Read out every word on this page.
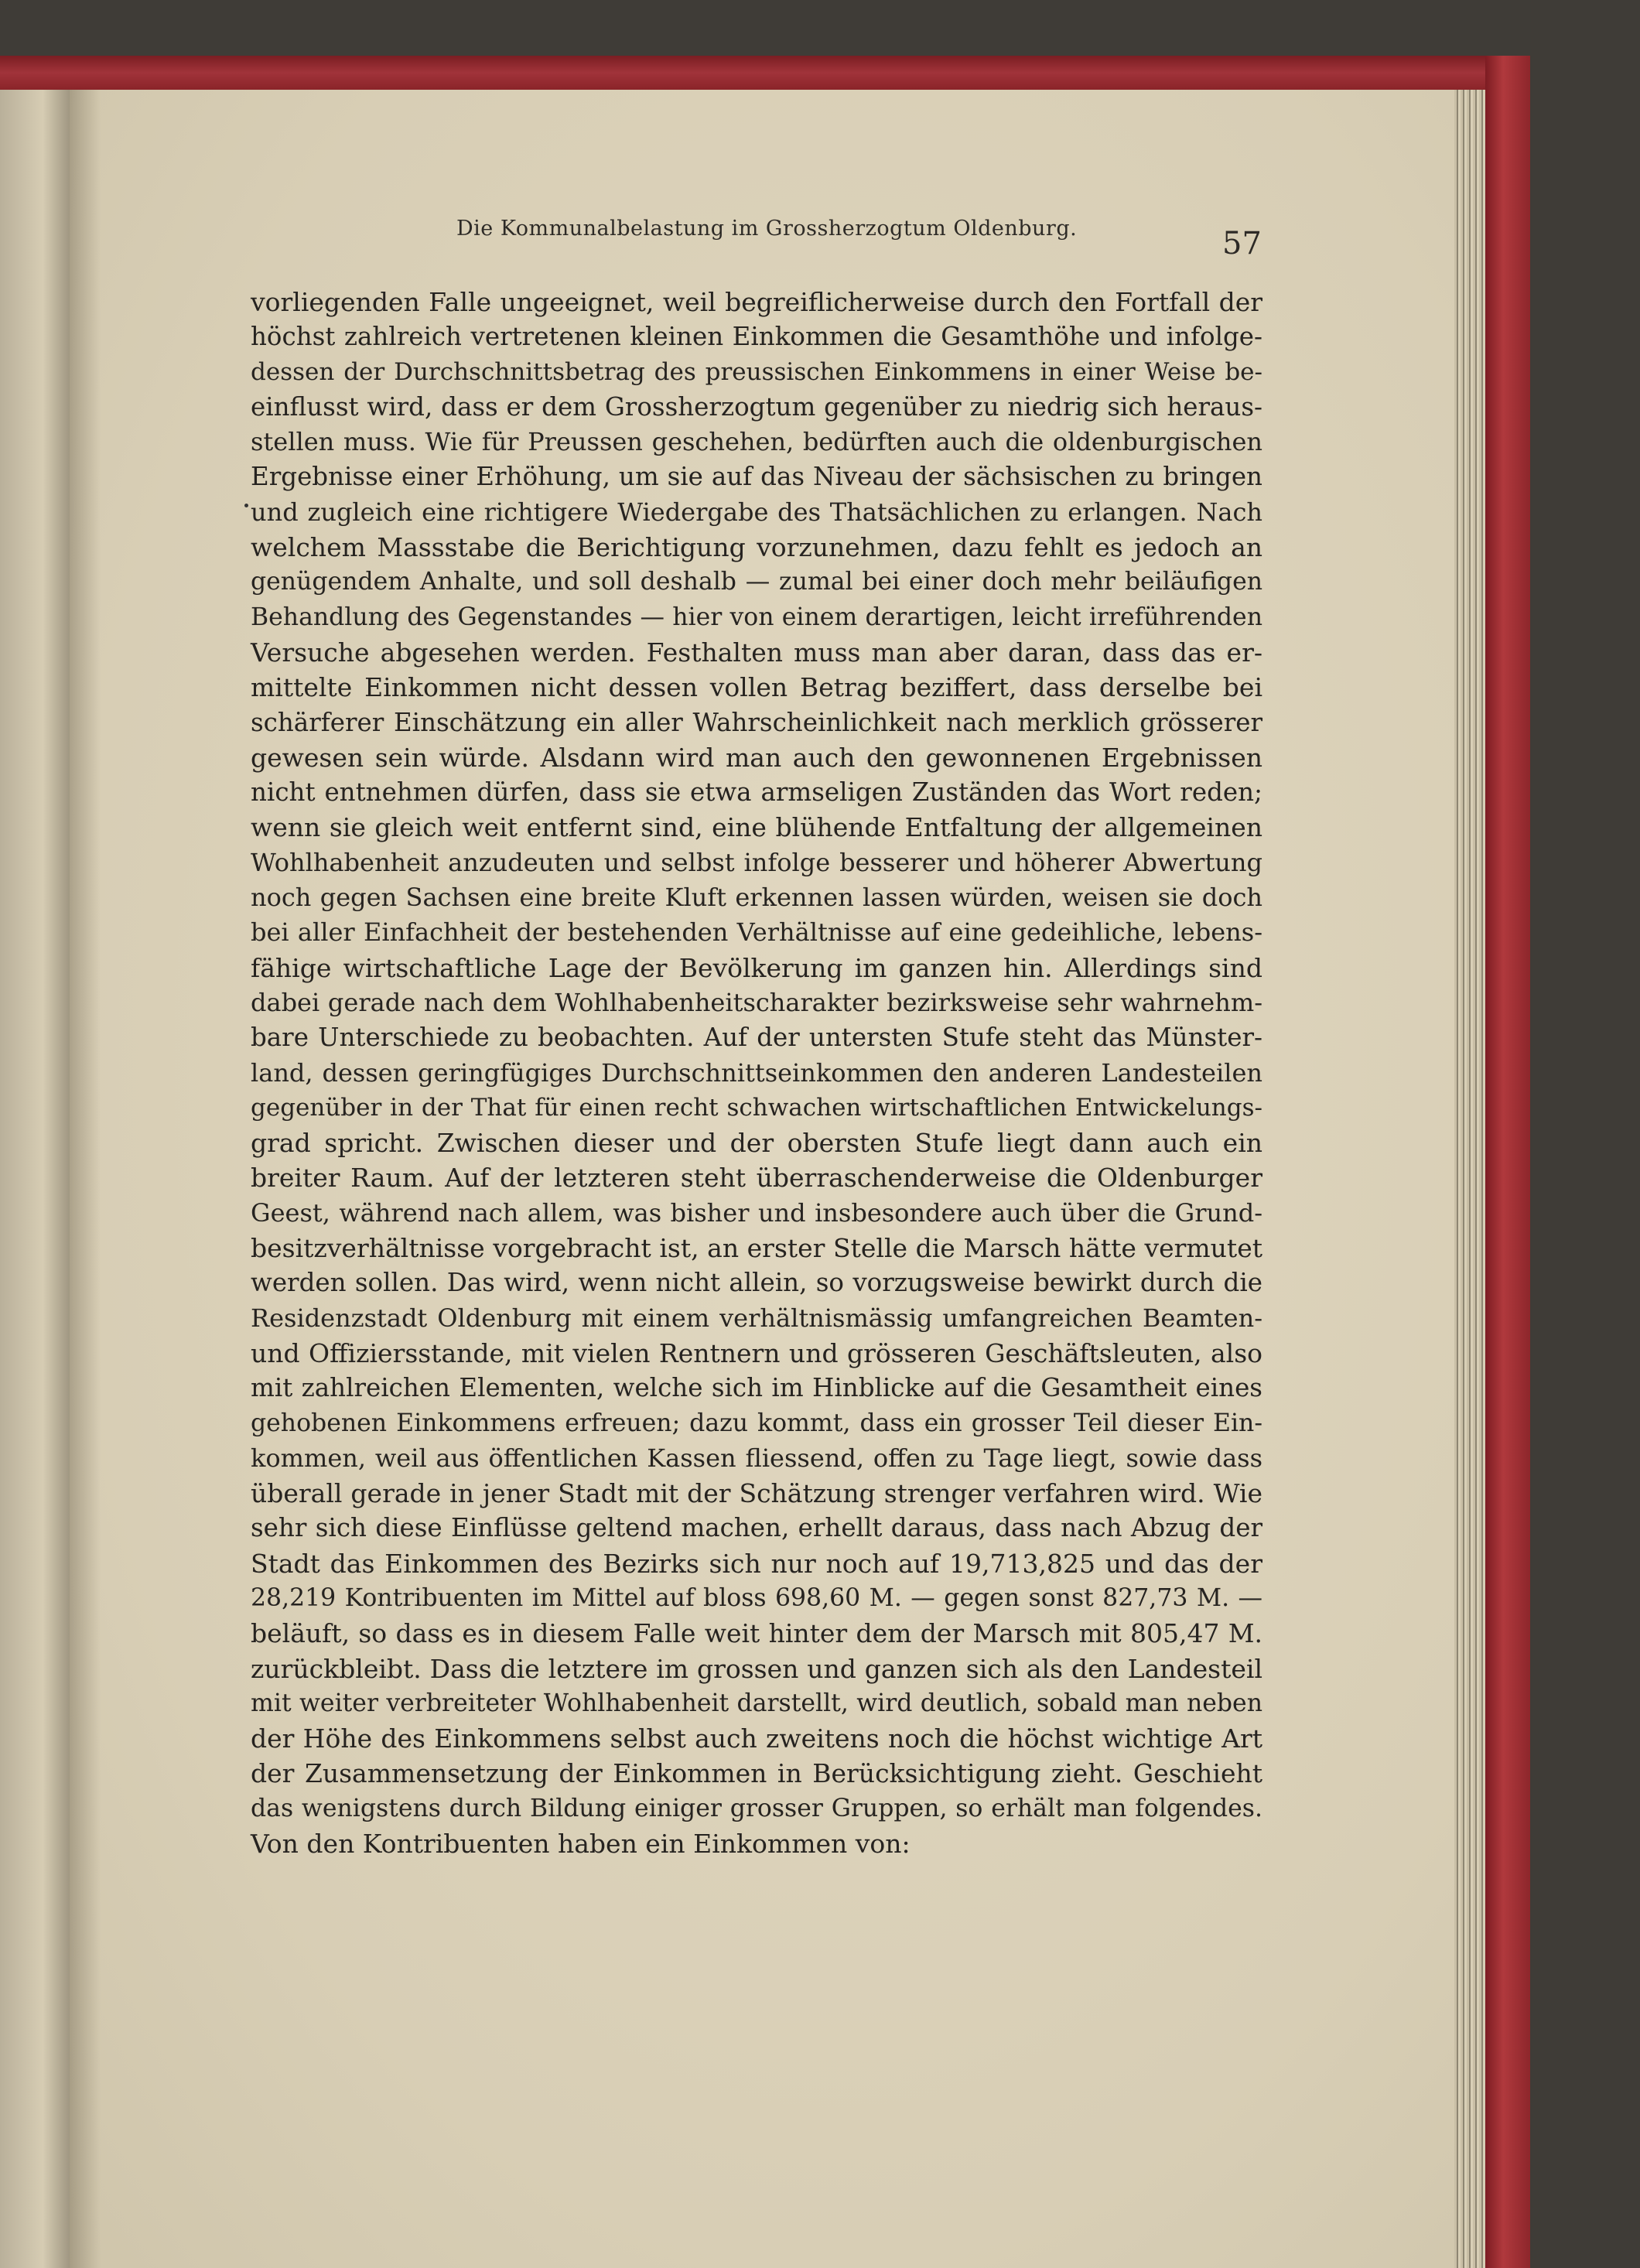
Die Kommunalbelastung im Grossherzogtum Oldenburg.	57
vorliegenden Falle ungeeignet, weil begreiflicherweise durch den Fortfall der
höchst zahlreich vertretenen kleinen Einkommen die Gesamthöhe und infolge-
dessen der Durchschnittsbetrag des preussischen Einkommens in einer Weise be-
einflusst wird, dass er dem Grossherzogtum gegenüber zu niedrig sich heraus-
stellen muss. Wie für Preussen geschehen, bedürften auch die oldenburgischen
Ergebnisse einer Erhöhung, um sie auf das Niveau der sächsischen zu bringen
und zugleich eine richtigere Wiedergabe des Thatsächlichen zu erlangen. Nach
welchem Massstabe die Berichtigung vorzunehmen, dazu fehlt es jedoch an
genügendem Anhalte, und soll deshalb — zumal bei einer doch mehr beiläufigen
Behandlung des Gegenstandes — hier von einem derartigen, leicht irreführenden
Versuche abgesehen werden. Festhalten muss man aber daran, dass das er-
mittelte Einkommen nicht dessen vollen Betrag beziffert, dass derselbe bei
schärferer Einschätzung ein aller Wahrscheinlichkeit nach merklich grösserer
gewesen sein würde. Alsdann wird man auch den gewonnenen Ergebnissen
nicht entnehmen dürfen, dass sie etwa armseligen Zuständen das Wort reden;
wenn sie gleich weit entfernt sind, eine blühende Entfaltung der allgemeinen
Wohlhabenheit anzudeuten und selbst infolge besserer und höherer Abwertung
noch gegen Sachsen eine breite Kluft erkennen lassen würden, weisen sie doch
bei aller Einfachheit der bestehenden Verhältnisse auf eine gedeihliche, lebens-
fähige wirtschaftliche Lage der Bevölkerung im ganzen hin. Allerdings sind
dabei gerade nach dem Wohlhabenheitscharakter bezirksweise sehr wahrnehm-
bare Unterschiede zu beobachten. Auf der untersten Stufe steht das Münster-
land, dessen geringfügiges Durchschnittseinkommen den anderen Landesteilen
gegenüber in der That für einen recht schwachen wirtschaftlichen Entwickelungs-
grad spricht. Zwischen dieser und der obersten Stufe liegt dann auch ein
breiter Raum. Auf der letzteren steht überraschenderweise die Oldenburger
Geest, während nach allem, was bisher und insbesondere auch über die Grund-
besitzverhältnisse vorgebracht ist, an erster Stelle die Marsch hätte vermutet
werden sollen. Das wird, wenn nicht allein, so vorzugsweise bewirkt durch die
Residenzstadt Oldenburg mit einem verhältnismässig umfangreichen Beamten-
und Offiziersstande, mit vielen Rentnern und grösseren Geschäftsleuten, also
mit zahlreichen Elementen, welche sich im Hinblicke auf die Gesamtheit eines
gehobenen Einkommens erfreuen; dazu kommt, dass ein grosser Teil dieser Ein-
kommen, weil aus öffentlichen Kassen fliessend, offen zu Tage liegt, sowie dass
überall gerade in jener Stadt mit der Schätzung strenger verfahren wird. Wie
sehr sich diese Einflüsse geltend machen, erhellt daraus, dass nach Abzug der
Stadt das Einkommen des Bezirks sich nur noch auf 19,713,825 und das der
28,219 Kontribuenten im Mittel auf bloss 698,60 M. — gegen sonst 827,73 M. —
beläuft, so dass es in diesem Falle weit hinter dem der Marsch mit 805,47 M.
zurückbleibt. Dass die letztere im grossen und ganzen sich als den Landesteil
mit weiter verbreiteter Wohlhabenheit darstellt, wird deutlich, sobald man neben
der Höhe des Einkommens selbst auch zweitens noch die höchst wichtige Art
der Zusammensetzung der Einkommen in Berücksichtigung zieht. Geschieht
das wenigstens durch Bildung einiger grosser Gruppen, so erhält man folgendes.
Von den Kontribuenten haben ein Einkommen von:
